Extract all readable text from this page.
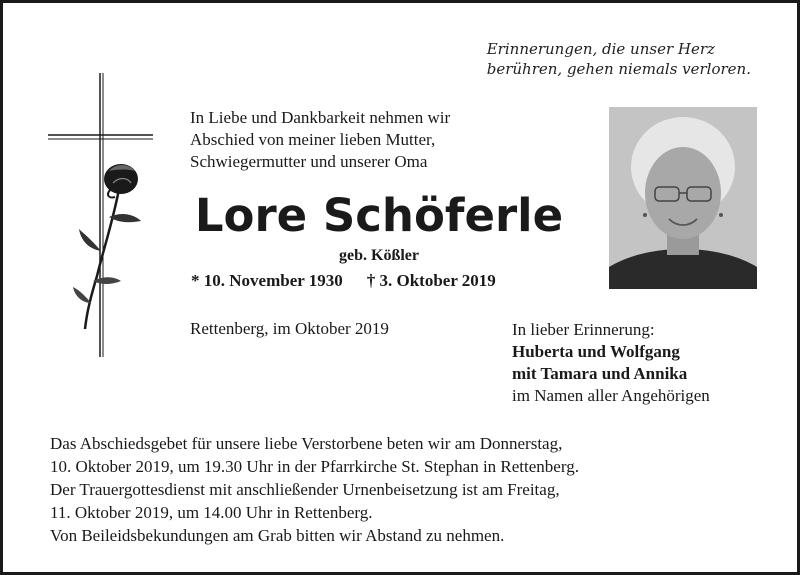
Erinnerungen, die unser Herz
berühren, gehen niemals verloren.
In Liebe und Dankbarkeit nehmen wir
Abschied von meiner lieben Mutter,
Schwiegermutter und unserer Oma
Lore Schöferle
geb. Kößler
* 10. November 1930 † 3. Oktober 2019
Rettenberg, im Oktober 2019	In lieber Erinnerung:
Huberta und Wolfgang
mit Tamara und Annika
im Namen aller Angehörigen
Das Abschiedsgebet für unsere liebe Verstorbene beten wir am Donnerstag,
10. Oktober 2019, um 19.30 Uhr in der Pfarrkirche St. Stephan in Rettenberg.
Der Trauergottesdienst mit anschließender Urnenbeisetzung ist am Freitag,
11. Oktober 2019, um 14.00 Uhr in Rettenberg.
Von Beileidsbekundungen am Grab bitten wir Abstand zu nehmen.
